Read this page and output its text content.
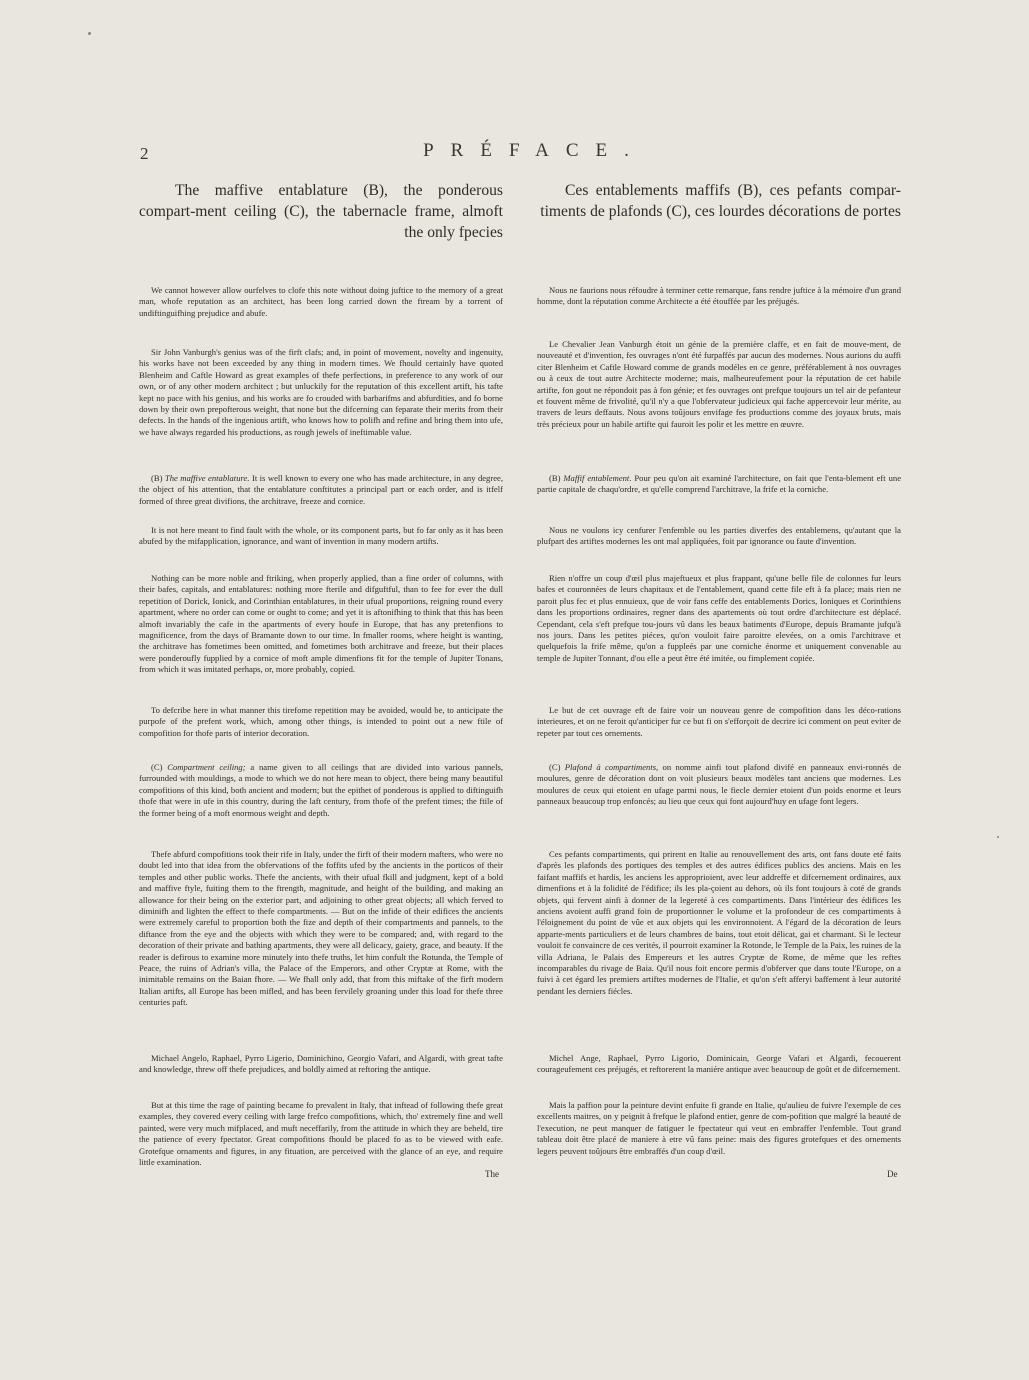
2	PRÉFACE.

The maffive entablature (B), the ponderous compart-ment ceiling (C), the tabernacle frame, almoft the only fpecies

We cannot however allow ourfelves to clofe this note without doing juftice to the memory of a great man, whofe reputation as an architect, has been long carried down the ftream by a torrent of undiftinguifhing prejudice and abufe.

Sir John Vanburgh's genius was of the firft clafs; and, in point of movement, novelty and ingenuity, his works have not been exceeded by any thing in modern times. We fhould certainly have quoted Blenheim and Caftle Howard as great examples of thefe perfections, in preference to any work of our own, or of any other modern architect ; but unluckily for the reputation of this excellent artift, his tafte kept no pace with his genius, and his works are fo crouded with barbarifms and abfurdities, and fo borne down by their own prepofterous weight, that none but the difcerning can feparate their merits from their defects. In the hands of the ingenious artift, who knows how to polifh and refine and bring them into ufe, we have always regarded his productions, as rough jewels of ineftimable value.

(B) The maffive entablature. It is well known to every one who has made architecture, in any degree, the object of his attention, that the entablature conftitutes a principal part or each order, and is itfelf formed of three great divifions, the architrave, freeze and cornice.

It is not here meant to find fault with the whole, or its component parts, but fo far only as it has been abufed by the mifapplication, ignorance, and want of invention in many modern artifts.

Nothing can be more noble and ftriking, when properly applied, than a fine order of columns, with their bafes, capitals, and entablatures: nothing more fterile and difguftful, than to fee for ever the dull repetition of Dorick, Ionick, and Corinthian entablatures, in their ufual proportions, reigning round every apartment, where no order can come or ought to come; and yet it is aftonifhing to think that this has been almoft invariably the cafe in the apartments of every houfe in Europe, that has any pretenfions to magnificence, from the days of Bramante down to our time. In fmaller rooms, where height is wanting, the architrave has fometimes been omitted, and fometimes both architrave and freeze, but their places were ponderoufly fupplied by a cornice of moft ample dimenfions fit for the temple of Jupiter Tonans, from which it was imitated perhaps, or, more probably, copied.

To defcribe here in what manner this tirefome repetition may be avoided, would be, to anticipate the purpofe of the prefent work, which, among other things, is intended to point out a new ftile of compofition for thofe parts of interior decoration.

(C) Compartment ceiling; a name given to all ceilings that are divided into various pannels, furrounded with mouldings, a mode to which we do not here mean to object, there being many beautiful compofitions of this kind, both ancient and modern; but the epithet of ponderous is applied to diftinguifh thofe that were in ufe in this country, during the laft century, from thofe of the prefent times; the ftile of the former being of a moft enormous weight and depth.

Thefe abfurd compofitions took their rife in Italy, under the firft of their modern mafters, who were no doubt led into that idea from the obfervations of the foffits ufed by the ancients in the porticos of their temples and other public works. Thefe the ancients, with their ufual fkill and judgment, kept of a bold and maffive ftyle, fuiting them to the ftrength, magnitude, and height of the building, and making an allowance for their being on the exterior part, and adjoining to other great objects; all which ferved to diminifh and lighten the effect to thefe compartments. — But on the infide of their edifices the ancients were extremely careful to proportion both the fize and depth of their compartments and pannels, to the diftance from the eye and the objects with which they were to be compared; and, with regard to the decoration of their private and bathing apartments, they were all delicacy, gaiety, grace, and beauty. If the reader is defirous to examine more minutely into thefe truths, let him confult the Rotunda, the Temple of Peace, the ruins of Adrian's villa, the Palace of the Emperors, and other Cryptæ at Rome, with the inimitable remains on the Baian fhore. — We fhall only add, that from this miftake of the firft modern Italian artifts, all Europe has been mifled, and has been fervilely groaning under this load for thefe three centuries paft.

Michael Angelo, Raphael, Pyrro Ligerio, Dominichino, Georgio Vafari, and Algardi, with great tafte and knowledge, threw off thefe prejudices, and boldly aimed at reftoring the antique.

But at this time the rage of painting became fo prevalent in Italy, that inftead of following thefe great examples, they covered every ceiling with large frefco compofitions, which, tho' extremely fine and well painted, were very much mifplaced, and muft neceffarily, from the attitude in which they are beheld, tire the patience of every fpectator. Great compofitions fhould be placed fo as to be viewed with eafe. Grotefque ornaments and figures, in any fituation, are perceived with the glance of an eye, and require little examination.

Ces entablements maffifs (B), ces pefants compar-timents de plafonds (C), ces lourdes décorations de portes

Nous ne faurions nous réfoudre à terminer cette remarque, fans rendre juftice à la mémoire d'un grand homme, dont la réputation comme Architecte a été étouffée par les préjugés.

Le Chevalier Jean Vanburgh étoit un génie de la première claffe, et en fait de mouve-ment, de nouveauté et d'invention, fes ouvrages n'ont été furpaffés par aucun des modernes. Nous aurions du auffi citer Blenheim et Caftle Howard comme de grands modéles en ce genre, préférablement à nos ouvrages ou à ceux de tout autre Architecte moderne; mais, malheureufement pour la réputation de cet habile artifte, fon gout ne répondoit pas à fon génie; et fes ouvrages ont prefque toujours un tel air de pefanteur et fouvent même de frivolité, qu'il n'y a que l'obfervateur judicieux qui fache appercevoir leur mérite, au travers de leurs deffauts. Nous avons toûjours envifage fes productions comme des joyaux bruts, mais très précieux pour un habile artifte qui fauroit les polir et les mettre en œuvre.

(B) Maffif entablement. Pour peu qu'on ait examiné l'architecture, on fait que l'enta-blement eft une partie capitale de chaqu'ordre, et qu'elle comprend l'architrave, la frife et la corniche.

Nous ne voulons icy cenfurer l'enfemble ou les parties diverfes des entablemens, qu'autant que la plufpart des artiftes modernes les ont mal appliquées, foit par ignorance ou faute d'invention.

Rien n'offre un coup d'œil plus majeftueux et plus frappant, qu'une belle file de colonnes fur leurs bafes et couronnées de leurs chapitaux et de l'entablement, quand cette file eft à fa place; mais rien ne paroit plus fec et plus ennuieux, que de voir fans ceffe des entablements Dorics, Ioniques et Corinthiens dans les proportions ordinaires, regner dans des apartements où tout ordre d'architecture est déplacé. Cependant, cela s'eft prefque tou-jours vû dans les beaux batiments d'Europe, depuis Bramante jufqu'à nos jours. Dans les petites piéces, qu'on vouloit faire paroitre elevées, on a omis l'architrave et quelquefois la frife même, qu'on a fuppleés par une corniche énorme et uniquement convenable au temple de Jupiter Tonnant, d'ou elle a peut être été imitée, ou fimplement copiée.

Le but de cet ouvrage eft de faire voir un nouveau genre de compofition dans les déco-rations interieures, et on ne feroit qu'anticiper fur ce but fi on s'efforçoit de decrire ici comment on peut eviter de repeter par tout ces ornements.

(C) Plafond à compartiments, on nomme ainfi tout plafond divifé en panneaux envi-ronnés de moulures, genre de décoration dont on voit plusieurs beaux modèles tant anciens que modernes. Les moulures de ceux qui etoient en ufage parmi nous, le fiecle dernier etoient d'un poids enorme et leurs panneaux beaucoup trop enfoncés; au lieu que ceux qui font aujourd'huy en ufage font legers.

Ces pefants compartiments, qui prirent en Italie au renouvellement des arts, ont fans doute eté faits d'après les plafonds des portiques des temples et des autres édifices publics des anciens. Mais en les faifant maffifs et hardis, les anciens les approprioient, avec leur addreffe et difcernement ordinaires, aux dimenfions et à la folidité de l'édifice; ils les pla-çoient au dehors, où ils font toujours à coté de grands objets, qui fervent ainfi à donner de la legereté à ces compartiments. Dans l'intérieur des édifices les anciens avoient auffi grand foin de proportionner le volume et la profondeur de ces compartiments à l'éloignement du point de vûe et aux objets qui les environnoient. A l'égard de la décoration de leurs apparte-ments particuliers et de leurs chambres de bains, tout etoit délicat, gai et charmant. Si le lecteur vouloit fe convaincre de ces verités, il pourroit examiner la Rotonde, le Temple de la Paix, les ruines de la villa Adriana, le Palais des Empereurs et les autres Cryptæ de Rome, de même que les reftes incomparables du rivage de Baia. Qu'il nous foit encore permis d'obferver que dans toute l'Europe, on a fuivi à cet égard les premiers artiftes modernes de l'Italie, et qu'on s'eft afferyi baffement à leur autorité pendant les derniers fiécles.

Michel Ange, Raphael, Pyrro Ligorio, Dominicain, George Vafari et Algardi, fecouerent courageufement ces préjugés, et reftorerent la maniére antique avec beaucoup de goût et de difcernement.

Mais la paffion pour la peinture devint enfuite fi grande en Italie, qu'aulieu de fuivre l'exemple de ces excellents maitres, on y peignit à frefque le plafond entier, genre de com-pofition que malgré la beauté de l'execution, ne peut manquer de fatiguer le fpectateur qui veut en embraffer l'enfemble. Tout grand tableau doit être placé de maniere à etre vû fans peine: mais des figures grotefques et des ornements legers peuvent toûjours être embraffés d'un coup d'œil.

The	De
